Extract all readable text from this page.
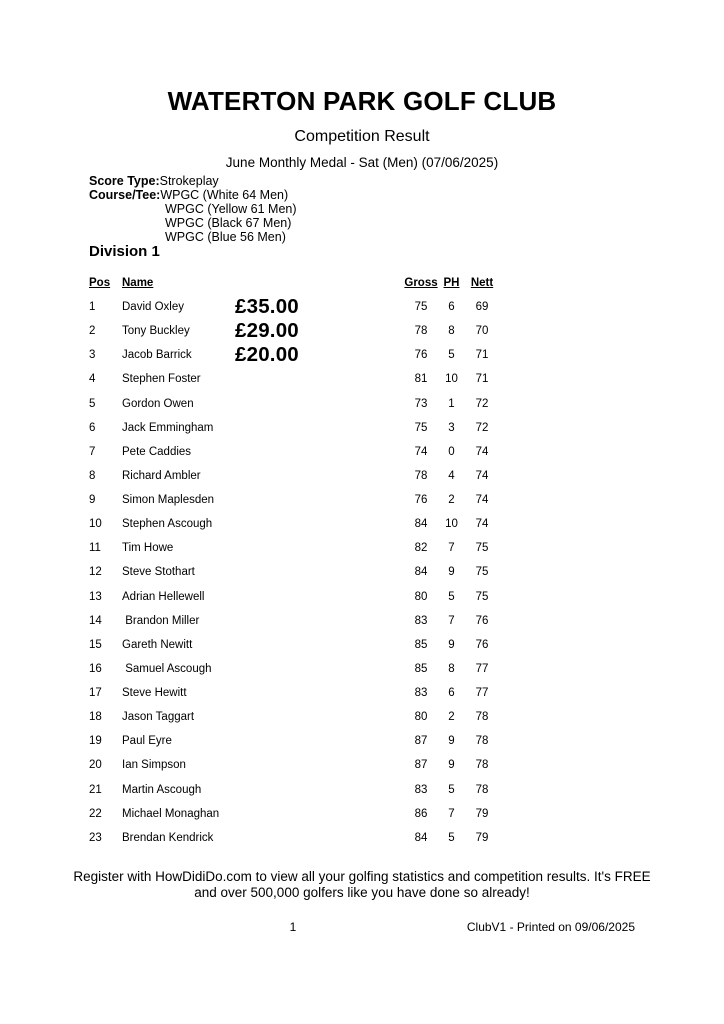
WATERTON PARK GOLF CLUB
Competition Result
June Monthly Medal - Sat (Men) (07/06/2025)
Score Type:Strokeplay
Course/Tee:WPGC (White 64 Men)
WPGC (Yellow 61 Men)
WPGC (Black 67 Men)
WPGC (Blue 56 Men)
Division 1
Pos	Name		Gross	PH	Nett
1	David Oxley	£35.00	75	6	69
2	Tony Buckley	£29.00	78	8	70
3	Jacob Barrick	£20.00	76	5	71
4	Stephen Foster		81	10	71
5	Gordon Owen		73	1	72
6	Jack Emmingham		75	3	72
7	Pete Caddies		74	0	74
8	Richard Ambler		78	4	74
9	Simon Maplesden		76	2	74
10	Stephen Ascough		84	10	74
11	Tim Howe		82	7	75
12	Steve Stothart		84	9	75
13	Adrian Hellewell		80	5	75
14	Brandon Miller		83	7	76
15	Gareth Newitt		85	9	76
16	Samuel Ascough		85	8	77
17	Steve Hewitt		83	6	77
18	Jason Taggart		80	2	78
19	Paul Eyre		87	9	78
20	Ian Simpson		87	9	78
21	Martin Ascough		83	5	78
22	Michael Monaghan		86	7	79
23	Brendan Kendrick		84	5	79
Register with HowDidiDo.com to view all your golfing statistics and competition results. It's FREE
and over 500,000 golfers like you have done so already!
1	ClubV1 - Printed on 09/06/2025
